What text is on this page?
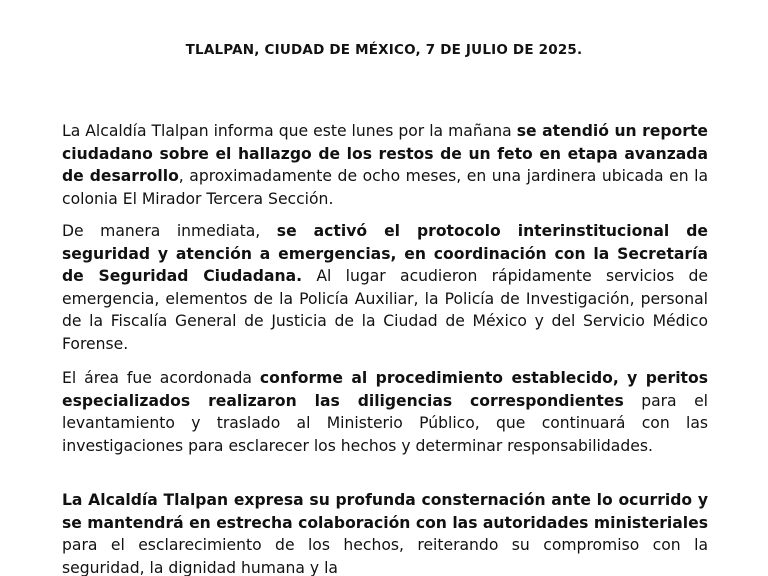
TLALPAN, CIUDAD DE MÉXICO, 7 DE JULIO DE 2025.

La Alcaldía Tlalpan informa que este lunes por la mañana se atendió un reporte ciudadano sobre el hallazgo de los restos de un feto en etapa avanzada de desarrollo, aproximadamente de ocho meses, en una jardinera ubicada en la colonia El Mirador Tercera Sección.

De manera inmediata, se activó el protocolo interinstitucional de seguridad y atención a emergencias, en coordinación con la Secretaría de Seguridad Ciudadana. Al lugar acudieron rápidamente servicios de emergencia, elementos de la Policía Auxiliar, la Policía de Investigación, personal de la Fiscalía General de Justicia de la Ciudad de México y del Servicio Médico Forense.

El área fue acordonada conforme al procedimiento establecido, y peritos especializados realizaron las diligencias correspondientes para el levantamiento y traslado al Ministerio Público, que continuará con las investigaciones para esclarecer los hechos y determinar responsabilidades.

La Alcaldía Tlalpan expresa su profunda consternación ante lo ocurrido y se mantendrá en estrecha colaboración con las autoridades ministeriales para el esclarecimiento de los hechos, reiterando su compromiso con la seguridad, la dignidad humana y la
